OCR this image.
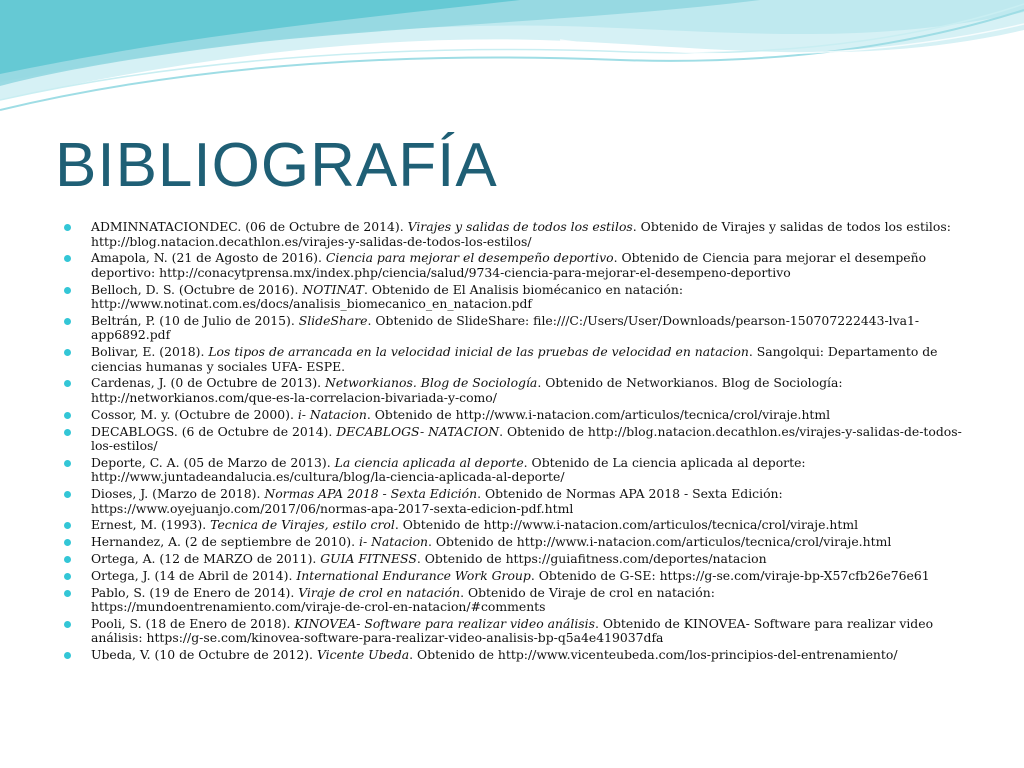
BIBLIOGRAFÍA
ADMINNATACIONDEC. (06 de Octubre de 2014). Virajes y salidas de todos los estilos. Obtenido de Virajes y salidas de todos los estilos: http://blog.natacion.decathlon.es/virajes-y-salidas-de-todos-los-estilos/
Amapola, N. (21 de Agosto de 2016). Ciencia para mejorar el desempeño deportivo. Obtenido de Ciencia para mejorar el desempeño deportivo: http://conacytprensa.mx/index.php/ciencia/salud/9734-ciencia-para-mejorar-el-desempeno-deportivo
Belloch, D. S. (Octubre de 2016). NOTINAT. Obtenido de El Analisis biomécanico en natación: http://www.notinat.com.es/docs/analisis_biomecanico_en_natacion.pdf
Beltrán, P. (10 de Julio de 2015). SlideShare. Obtenido de SlideShare: file:///C:/Users/User/Downloads/pearson-150707222443-lva1-app6892.pdf
Bolivar, E. (2018). Los tipos de arrancada en la velocidad inicial de las pruebas de velocidad en natacion. Sangolqui: Departamento de ciencias humanas y sociales UFA- ESPE.
Cardenas, J. (0 de Octubre de 2013). Networkianos. Blog de Sociología. Obtenido de Networkianos. Blog de Sociología: http://networkianos.com/que-es-la-correlacion-bivariada-y-como/
Cossor, M. y. (Octubre de 2000). i- Natacion. Obtenido de http://www.i-natacion.com/articulos/tecnica/crol/viraje.html
DECABLOGS. (6 de Octubre de 2014). DECABLOGS- NATACION. Obtenido de http://blog.natacion.decathlon.es/virajes-y-salidas-de-todos-los-estilos/
Deporte, C. A. (05 de Marzo de 2013). La ciencia aplicada al deporte. Obtenido de La ciencia aplicada al deporte: http://www.juntadeandalucia.es/cultura/blog/la-ciencia-aplicada-al-deporte/
Dioses, J. (Marzo de 2018). Normas APA 2018 - Sexta Edición. Obtenido de Normas APA 2018 - Sexta Edición: https://www.oyejuanjo.com/2017/06/normas-apa-2017-sexta-edicion-pdf.html
Ernest, M. (1993). Tecnica de Virajes, estilo crol. Obtenido de http://www.i-natacion.com/articulos/tecnica/crol/viraje.html
Hernandez, A. (2 de septiembre de 2010). i- Natacion. Obtenido de http://www.i-natacion.com/articulos/tecnica/crol/viraje.html
Ortega, A. (12 de MARZO de 2011). GUIA FITNESS. Obtenido de https://guiafitness.com/deportes/natacion
Ortega, J. (14 de Abril de 2014). International Endurance Work Group. Obtenido de G-SE: https://g-se.com/viraje-bp-X57cfb26e76e61
Pablo, S. (19 de Enero de 2014). Viraje de crol en natación. Obtenido de Viraje de crol en natación: https://mundoentrenamiento.com/viraje-de-crol-en-natacion/#comments
Pooli, S. (18 de Enero de 2018). KINOVEA- Software para realizar video análisis. Obtenido de KINOVEA- Software para realizar video análisis: https://g-se.com/kinovea-software-para-realizar-video-analisis-bp-q5a4e419037dfa
Ubeda, V. (10 de Octubre de 2012). Vicente Ubeda. Obtenido de http://www.vicenteubeda.com/los-principios-del-entrenamiento/
